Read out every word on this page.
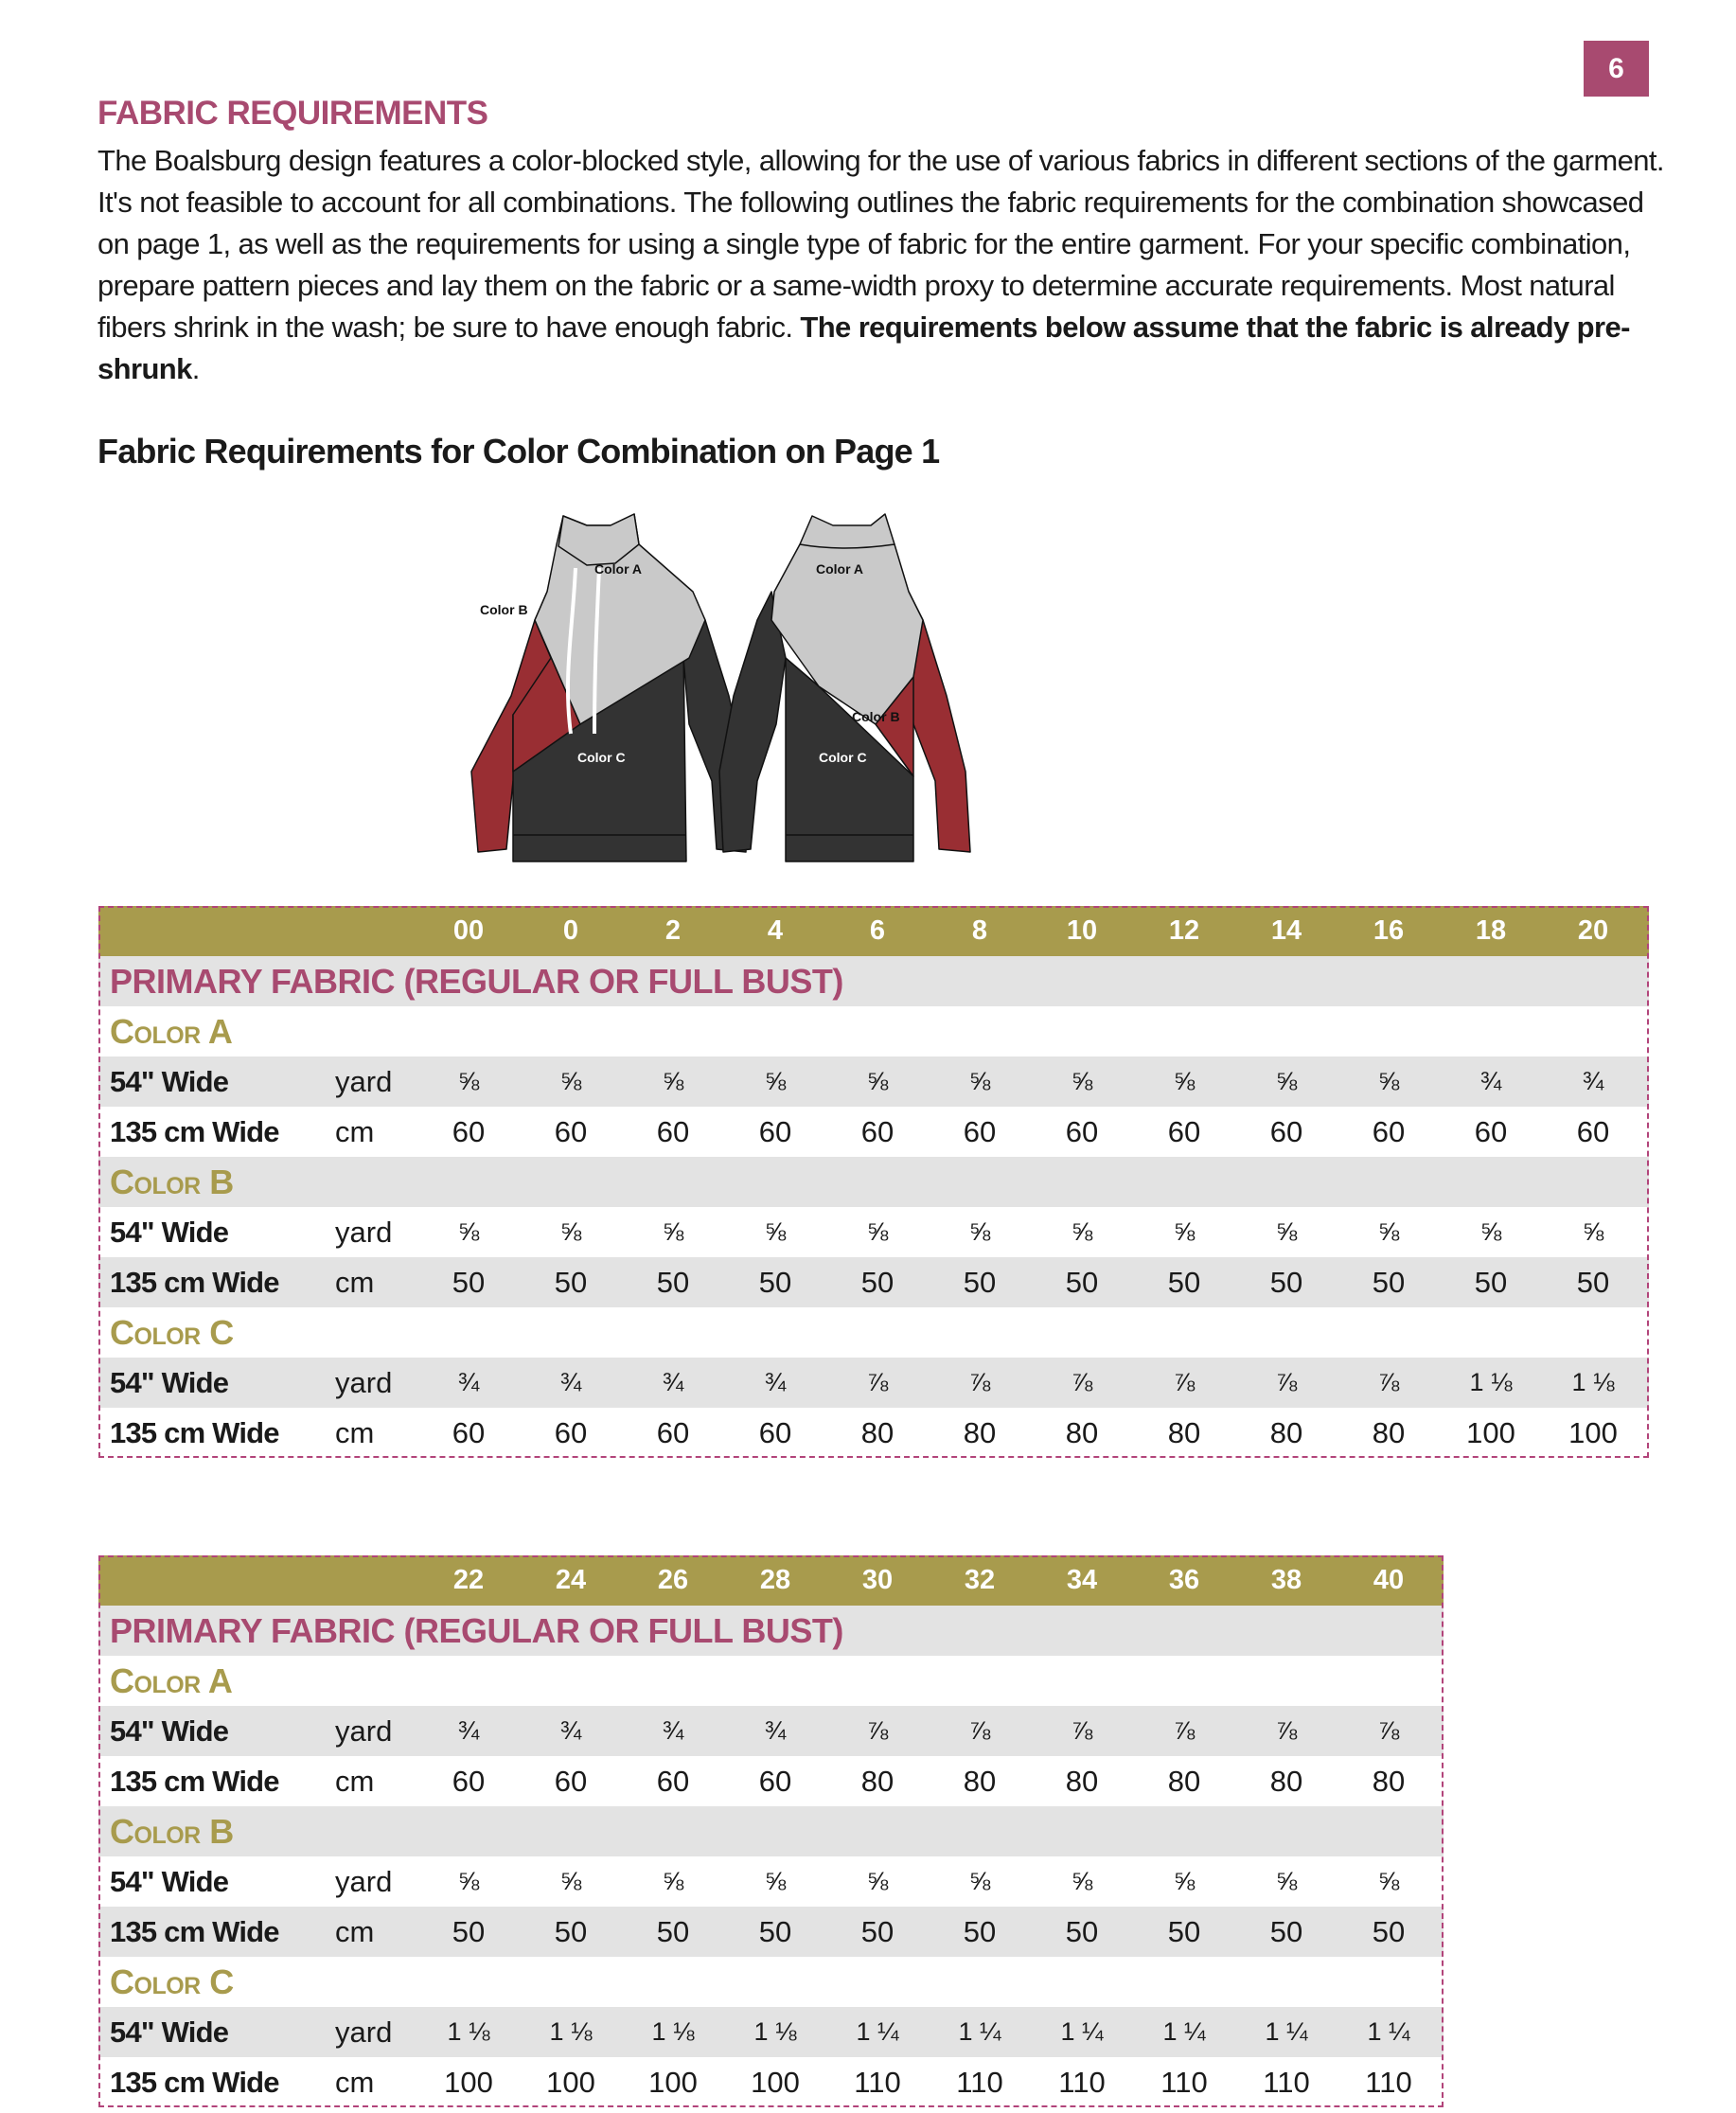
6
FABRIC REQUIREMENTS
The Boalsburg design features a color-blocked style, allowing for the use of various fabrics in different sections of the garment. It's not feasible to account for all combinations. The following outlines the fabric requirements for the combination showcased on page 1, as well as the requirements for using a single type of fabric for the entire garment. For your specific combination, prepare pattern pieces and lay them on the fabric or a same-width proxy to determine accurate requirements. Most natural fibers shrink in the wash; be sure to have enough fabric. The requirements below assume that the fabric is already pre-shrunk.
Fabric Requirements for Color Combination on Page 1
Color A
Color B
Color C
Color A
Color B
Color C
00	0	2	4	6	8	10	12	14	16	18	20
PRIMARY FABRIC (REGULAR OR FULL BUST)
Color A
54" Wide	yard	⅝	⅝	⅝	⅝	⅝	⅝	⅝	⅝	⅝	⅝	¾	¾
135 cm Wide cm	60	60	60	60	60	60	60	60	60	60	60	60
Color B
54" Wide	yard	⅝	⅝	⅝	⅝	⅝	⅝	⅝	⅝	⅝	⅝	⅝	⅝
135 cm Wide cm	50	50	50	50	50	50	50	50	50	50	50	50
Color C
54" Wide	yard	¾	¾	¾	¾	⅞	⅞	⅞	⅞	⅞	⅞	1 ⅛	1 ⅛
135 cm Wide cm	60	60	60	60	80	80	80	80	80	80	100	100
22	24	26	28	30	32	34	36	38	40
PRIMARY FABRIC (REGULAR OR FULL BUST)
Color A
54" Wide	yard	¾	¾	¾	¾	⅞	⅞	⅞	⅞	⅞	⅞
135 cm Wide cm	60	60	60	60	80	80	80	80	80	80
Color B
54" Wide	yard	⅝	⅝	⅝	⅝	⅝	⅝	⅝	⅝	⅝	⅝
135 cm Wide cm	50	50	50	50	50	50	50	50	50	50
Color C
54" Wide	yard	1 ⅛	1 ⅛	1 ⅛	1 ⅛	1 ¼	1 ¼	1 ¼	1 ¼	1 ¼	1 ¼
135 cm Wide cm	100	100	100	100	110	110	110	110	110	110
